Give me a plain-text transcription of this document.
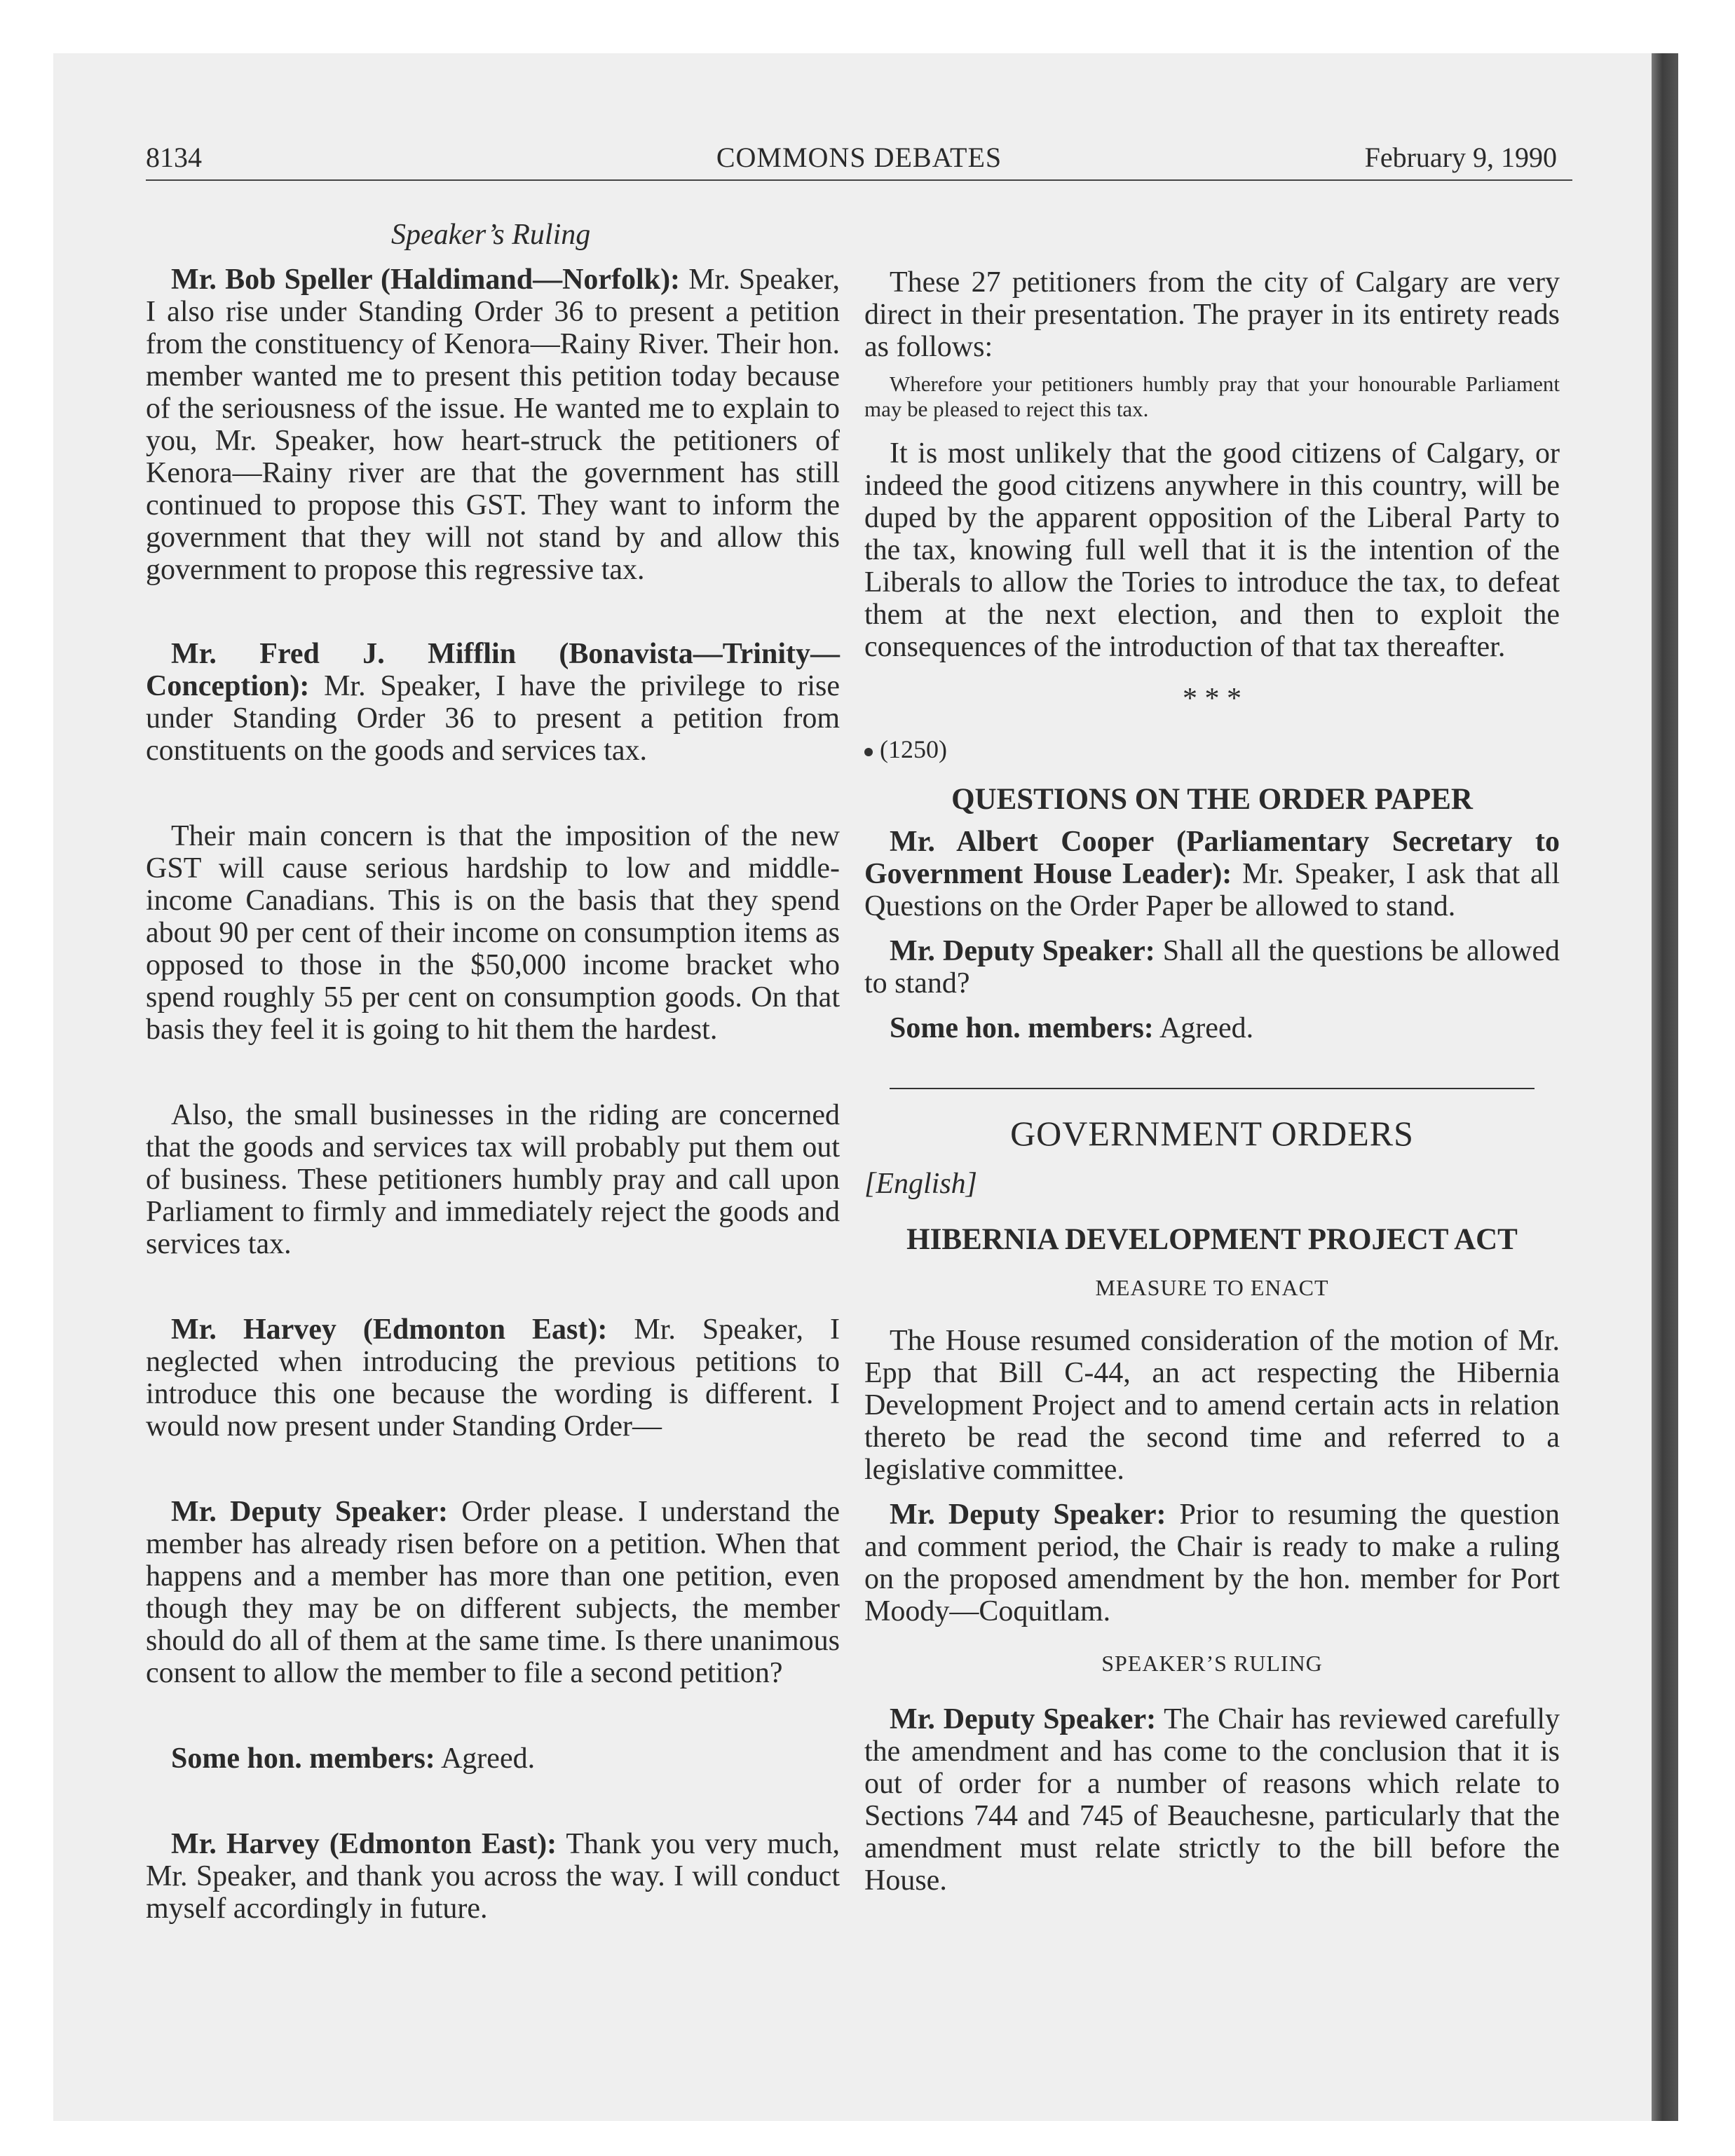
8134	COMMONS DEBATES	February 9, 1990

Speaker’s Ruling

Mr. Bob Speller (Haldimand—Norfolk): Mr. Speaker, I also rise under Standing Order 36 to present a petition from the constituency of Kenora—Rainy River. Their hon. member wanted me to present this petition today because of the seriousness of the issue. He wanted me to explain to you, Mr. Speaker, how heart-struck the petitioners of Kenora—Rainy river are that the government has still continued to propose this GST. They want to inform the government that they will not stand by and allow this government to propose this regressive tax.

Mr. Fred J. Mifflin (Bonavista—Trinity—Conception): Mr. Speaker, I have the privilege to rise under Standing Order 36 to present a petition from constituents on the goods and services tax.

Their main concern is that the imposition of the new GST will cause serious hardship to low and middle-income Canadians. This is on the basis that they spend about 90 per cent of their income on consumption items as opposed to those in the $50,000 income bracket who spend roughly 55 per cent on consumption goods. On that basis they feel it is going to hit them the hardest.

Also, the small businesses in the riding are concerned that the goods and services tax will probably put them out of business. These petitioners humbly pray and call upon Parliament to firmly and immediately reject the goods and services tax.

Mr. Harvey (Edmonton East): Mr. Speaker, I neglected when introducing the previous petitions to introduce this one because the wording is different. I would now present under Standing Order—

Mr. Deputy Speaker: Order please. I understand the member has already risen before on a petition. When that happens and a member has more than one petition, even though they may be on different subjects, the member should do all of them at the same time. Is there unanimous consent to allow the member to file a second petition?

Some hon. members: Agreed.

Mr. Harvey (Edmonton East): Thank you very much, Mr. Speaker, and thank you across the way. I will conduct myself accordingly in future.

These 27 petitioners from the city of Calgary are very direct in their presentation. The prayer in its entirety reads as follows:

Wherefore your petitioners humbly pray that your honourable Parliament may be pleased to reject this tax.

It is most unlikely that the good citizens of Calgary, or indeed the good citizens anywhere in this country, will be duped by the apparent opposition of the Liberal Party to the tax, knowing full well that it is the intention of the Liberals to allow the Tories to introduce the tax, to defeat them at the next election, and then to exploit the consequences of the introduction of that tax thereafter.

* * *

(1250)

QUESTIONS ON THE ORDER PAPER

Mr. Albert Cooper (Parliamentary Secretary to Government House Leader): Mr. Speaker, I ask that all Questions on the Order Paper be allowed to stand.

Mr. Deputy Speaker: Shall all the questions be allowed to stand?

Some hon. members: Agreed.

GOVERNMENT ORDERS

[English]

HIBERNIA DEVELOPMENT PROJECT ACT

MEASURE TO ENACT

The House resumed consideration of the motion of Mr. Epp that Bill C-44, an act respecting the Hibernia Development Project and to amend certain acts in relation thereto be read the second time and referred to a legislative committee.

Mr. Deputy Speaker: Prior to resuming the question and comment period, the Chair is ready to make a ruling on the proposed amendment by the hon. member for Port Moody—Coquitlam.

SPEAKER’S RULING

Mr. Deputy Speaker: The Chair has reviewed carefully the amendment and has come to the conclusion that it is out of order for a number of reasons which relate to Sections 744 and 745 of Beauchesne, particularly that the amendment must relate strictly to the bill before the House.
